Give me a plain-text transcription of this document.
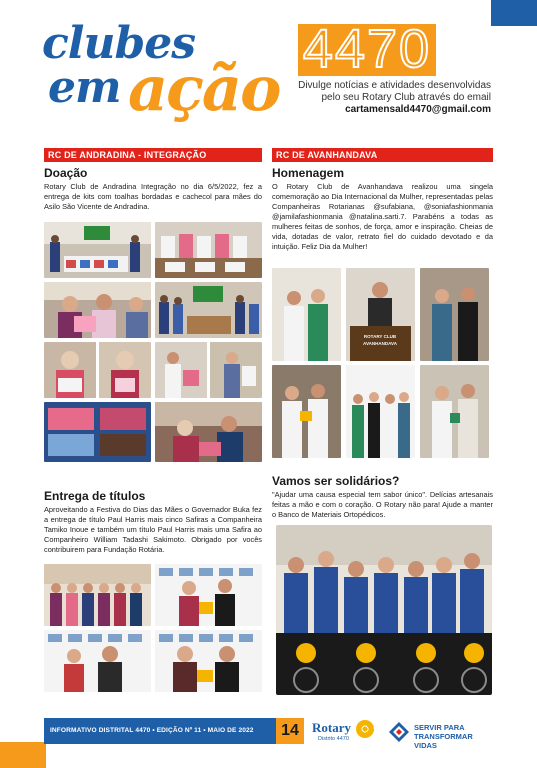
clubes
em ação
4470
Divulge notícias e atividades desenvolvidas
pelo seu Rotary Club através do email
cartamensald4470@gmail.com
RC DE ANDRADINA - INTEGRAÇÃO
Doação

Rotary Club de Andradina Integração no dia 6/5/2022, fez a entrega de kits com toalhas bordadas e cachecol para mães do Asilo São Vicente de Andradina.

Entrega de títulos

Aproveitando a Festiva do Dias das Mães o Governador Buka fez a entrega de título Paul Harris mais cinco Safiras a Companheira Tamiko Inoue e também um título Paul Harris mais uma Safira ao Companheiro William Tadashi Sakimoto. Obrigado por vocês contribuirem para Fundação Rotária.

RC DE AVANHANDAVA
Homenagem

O Rotary Club de Avanhandava realizou uma singela comemoração ao Dia Internacional da Mulher, representadas pelas Companheiras Rotarianas @sufabiana, @soniafashionmania @jamilafashionmania @natalina.sarti.7. Parabéns a todas as mulheres feitas de sonhos, de força, amor e inspiração. Cheias de vida, dotadas de valor, retrato fiel do cuidado devotado e da intuição. Feliz Dia da Mulher!

ROTARY CLUB
AVANHANDAVA
Vamos ser solidários?

"Ajudar uma causa especial tem sabor único". Delícias artesanais feitas a mão e com o coração. O Rotary não para! Ajude a manter o Banco de Materiais Ortopédicos.

INFORMATIVO DISTRITAL 4470 • EDIÇÃO Nº 11 • MAIO DE 2022	14	Rotary
Distrito 4470
SERVIR PARA
TRANSFORMAR VIDAS
